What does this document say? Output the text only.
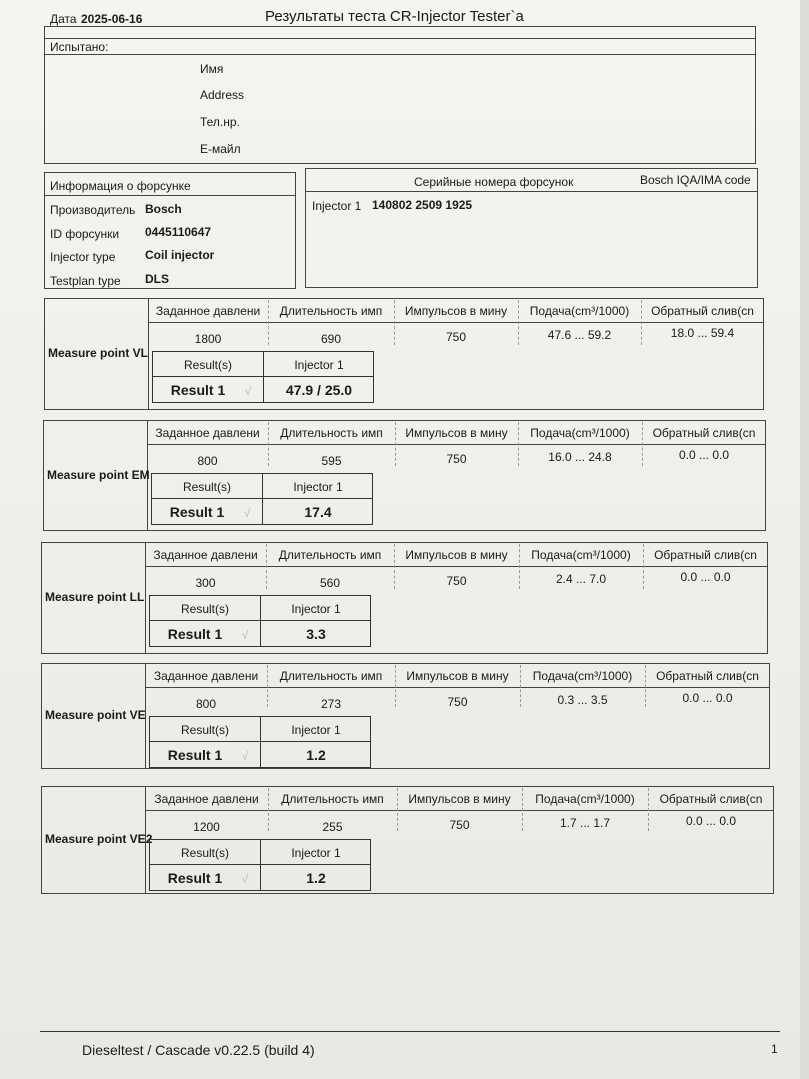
Дата 2025-06-16	Результаты теста CR-Injector Tester`a
Испытано:
Имя
Address
Тел.нр.
E-майл
Информация о форсунке
Производитель Bosch
ID форсунки 0445110647
Injector type Coil injector
Testplan type DLS
Серийные номера форсунок	Bosch IQA/IMA code
Injector 1 140802 2509 1925
Measure point VL
Заданное давлени	Длительность имп	Импульсов в мину	Подача(cm³/1000)	Обратный слив(cn
1800	690	750	47.6 ... 59.2	18.0 ... 59.4
Result(s)	Injector 1
Result 1	√	47.9 / 25.0
Measure point EM
Заданное давлени	Длительность имп	Импульсов в мину	Подача(cm³/1000)	Обратный слив(cn
800	595	750	16.0 ... 24.8	0.0 ... 0.0
Result(s)	Injector 1
Result 1	√	17.4
Measure point LL
Заданное давлени	Длительность имп	Импульсов в мину	Подача(cm³/1000)	Обратный слив(cn
300	560	750	2.4 ... 7.0	0.0 ... 0.0
Result(s)	Injector 1
Result 1	√	3.3
Measure point VE
Заданное давлени	Длительность имп	Импульсов в мину	Подача(cm³/1000)	Обратный слив(cn
800	273	750	0.3 ... 3.5	0.0 ... 0.0
Result(s)	Injector 1
Result 1	√	1.2
Measure point VE2
Заданное давлени	Длительность имп	Импульсов в мину	Подача(cm³/1000)	Обратный слив(cn
1200	255	750	1.7 ... 1.7	0.0 ... 0.0
Result(s)	Injector 1
Result 1	√	1.2
Dieseltest / Cascade v0.22.5 (build 4)	1
